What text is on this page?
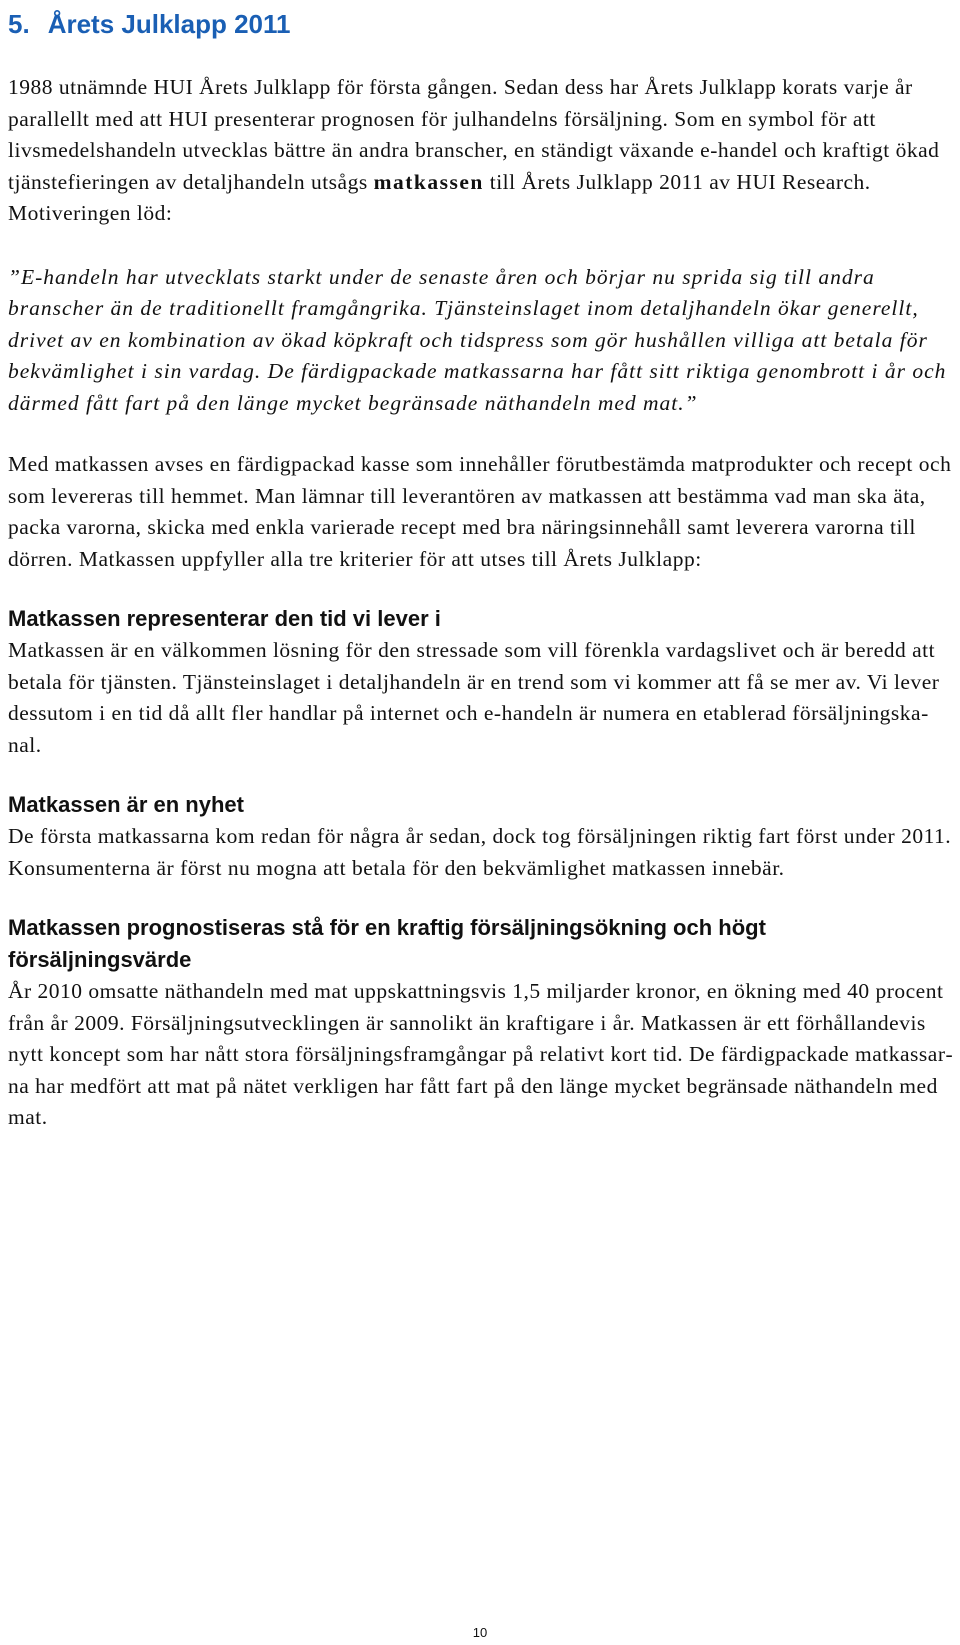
5. Årets Julklapp 2011

1988 utnämnde HUI Årets Julklapp för första gången. Sedan dess har Årets Julklapp korats varje år parallellt med att HUI presenterar prognosen för julhandelns försäljning. Som en symbol för att livsmedelshandeln utvecklas bättre än andra branscher, en ständigt växande e-handel och kraftigt ökad tjänstefieringen av detaljhandeln utsågs matkassen till Årets Julklapp 2011 av HUI Research. Motiveringen löd:

”E-handeln har utvecklats starkt under de senaste åren och börjar nu sprida sig till andra branscher än de traditionellt framgångrika. Tjänsteinslaget inom detaljhandeln ökar generellt, drivet av en kombination av ökad köpkraft och tidspress som gör hushållen villiga att betala för bekvämlighet i sin vardag. De färdigpackade matkassarna har fått sitt riktiga genombrott i år och därmed fått fart på den länge mycket begränsade näthandeln med mat.”

Med matkassen avses en färdigpackad kasse som innehåller förutbestämda matprodukter och recept och som levereras till hemmet. Man lämnar till leverantören av matkassen att bestämma vad man ska äta, packa varorna, skicka med enkla varierade recept med bra näringsinnehåll samt leverera varorna till dörren. Matkassen uppfyller alla tre kriterier för att utses till Årets Julklapp:

Matkassen representerar den tid vi lever i

Matkassen är en välkommen lösning för den stressade som vill förenkla vardagslivet och är beredd att betala för tjänsten. Tjänsteinslaget i detaljhandeln är en trend som vi kommer att få se mer av. Vi lever dessutom i en tid då allt fler handlar på internet och e-handeln är numera en etablerad försäljningskanal.

Matkassen är en nyhet

De första matkassarna kom redan för några år sedan, dock tog försäljningen riktig fart först under 2011. Konsumenterna är först nu mogna att betala för den bekvämlighet matkassen innebär.

Matkassen prognostiseras stå för en kraftig försäljningsökning och högt försäljningsvärde

År 2010 omsatte näthandeln med mat uppskattningsvis 1,5 miljarder kronor, en ökning med 40 procent från år 2009. Försäljningsutvecklingen är sannolikt än kraftigare i år. Matkassen är ett förhållandevis nytt koncept som har nått stora försäljningsframgångar på relativt kort tid. De färdigpackade matkassarna har medfört att mat på nätet verkligen har fått fart på den länge mycket begränsade näthandeln med mat.

10
